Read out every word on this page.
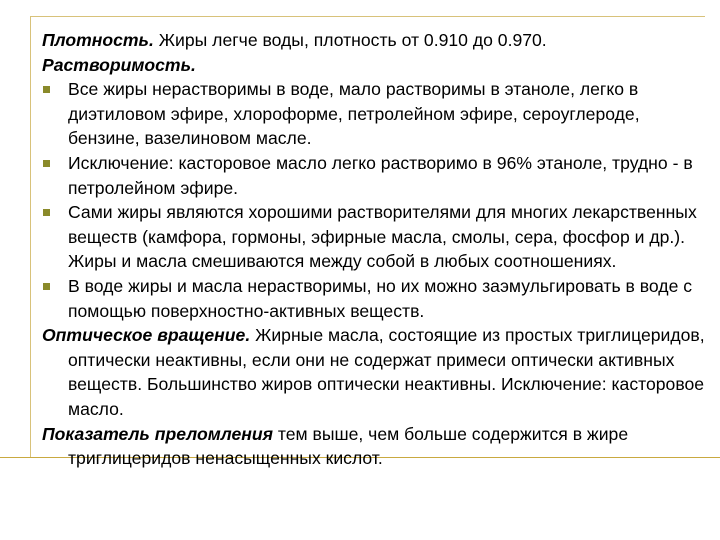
Плотность. Жиры легче воды, плотность от 0.910 до 0.970.

Растворимость.

Все жиры нерастворимы в воде, мало растворимы в этаноле, легко в диэтиловом эфире, хлороформе, петролейном эфире, сероуглероде, бензине, вазелиновом масле.
Исключение: касторовое масло легко растворимо в 96% этаноле, трудно - в петролейном эфире.
Сами жиры являются хорошими растворителями для многих лекарственных веществ (камфора, гормоны, эфирные масла, смолы, сера, фосфор и др.). Жиры и масла смешиваются между собой в любых соотношениях.
В воде жиры и масла нерастворимы, но их можно заэмульгировать в воде с помощью поверхностно-активных веществ.

Оптическое вращение. Жирные масла, состоящие из простых триглицеридов, оптически неактивны, если они не содержат примеси оптически активных веществ. Большинство жиров оптически неактивны. Исключение: касторовое масло.

Показатель преломления тем выше, чем больше содержится в жире триглицеридов ненасыщенных кислот.
